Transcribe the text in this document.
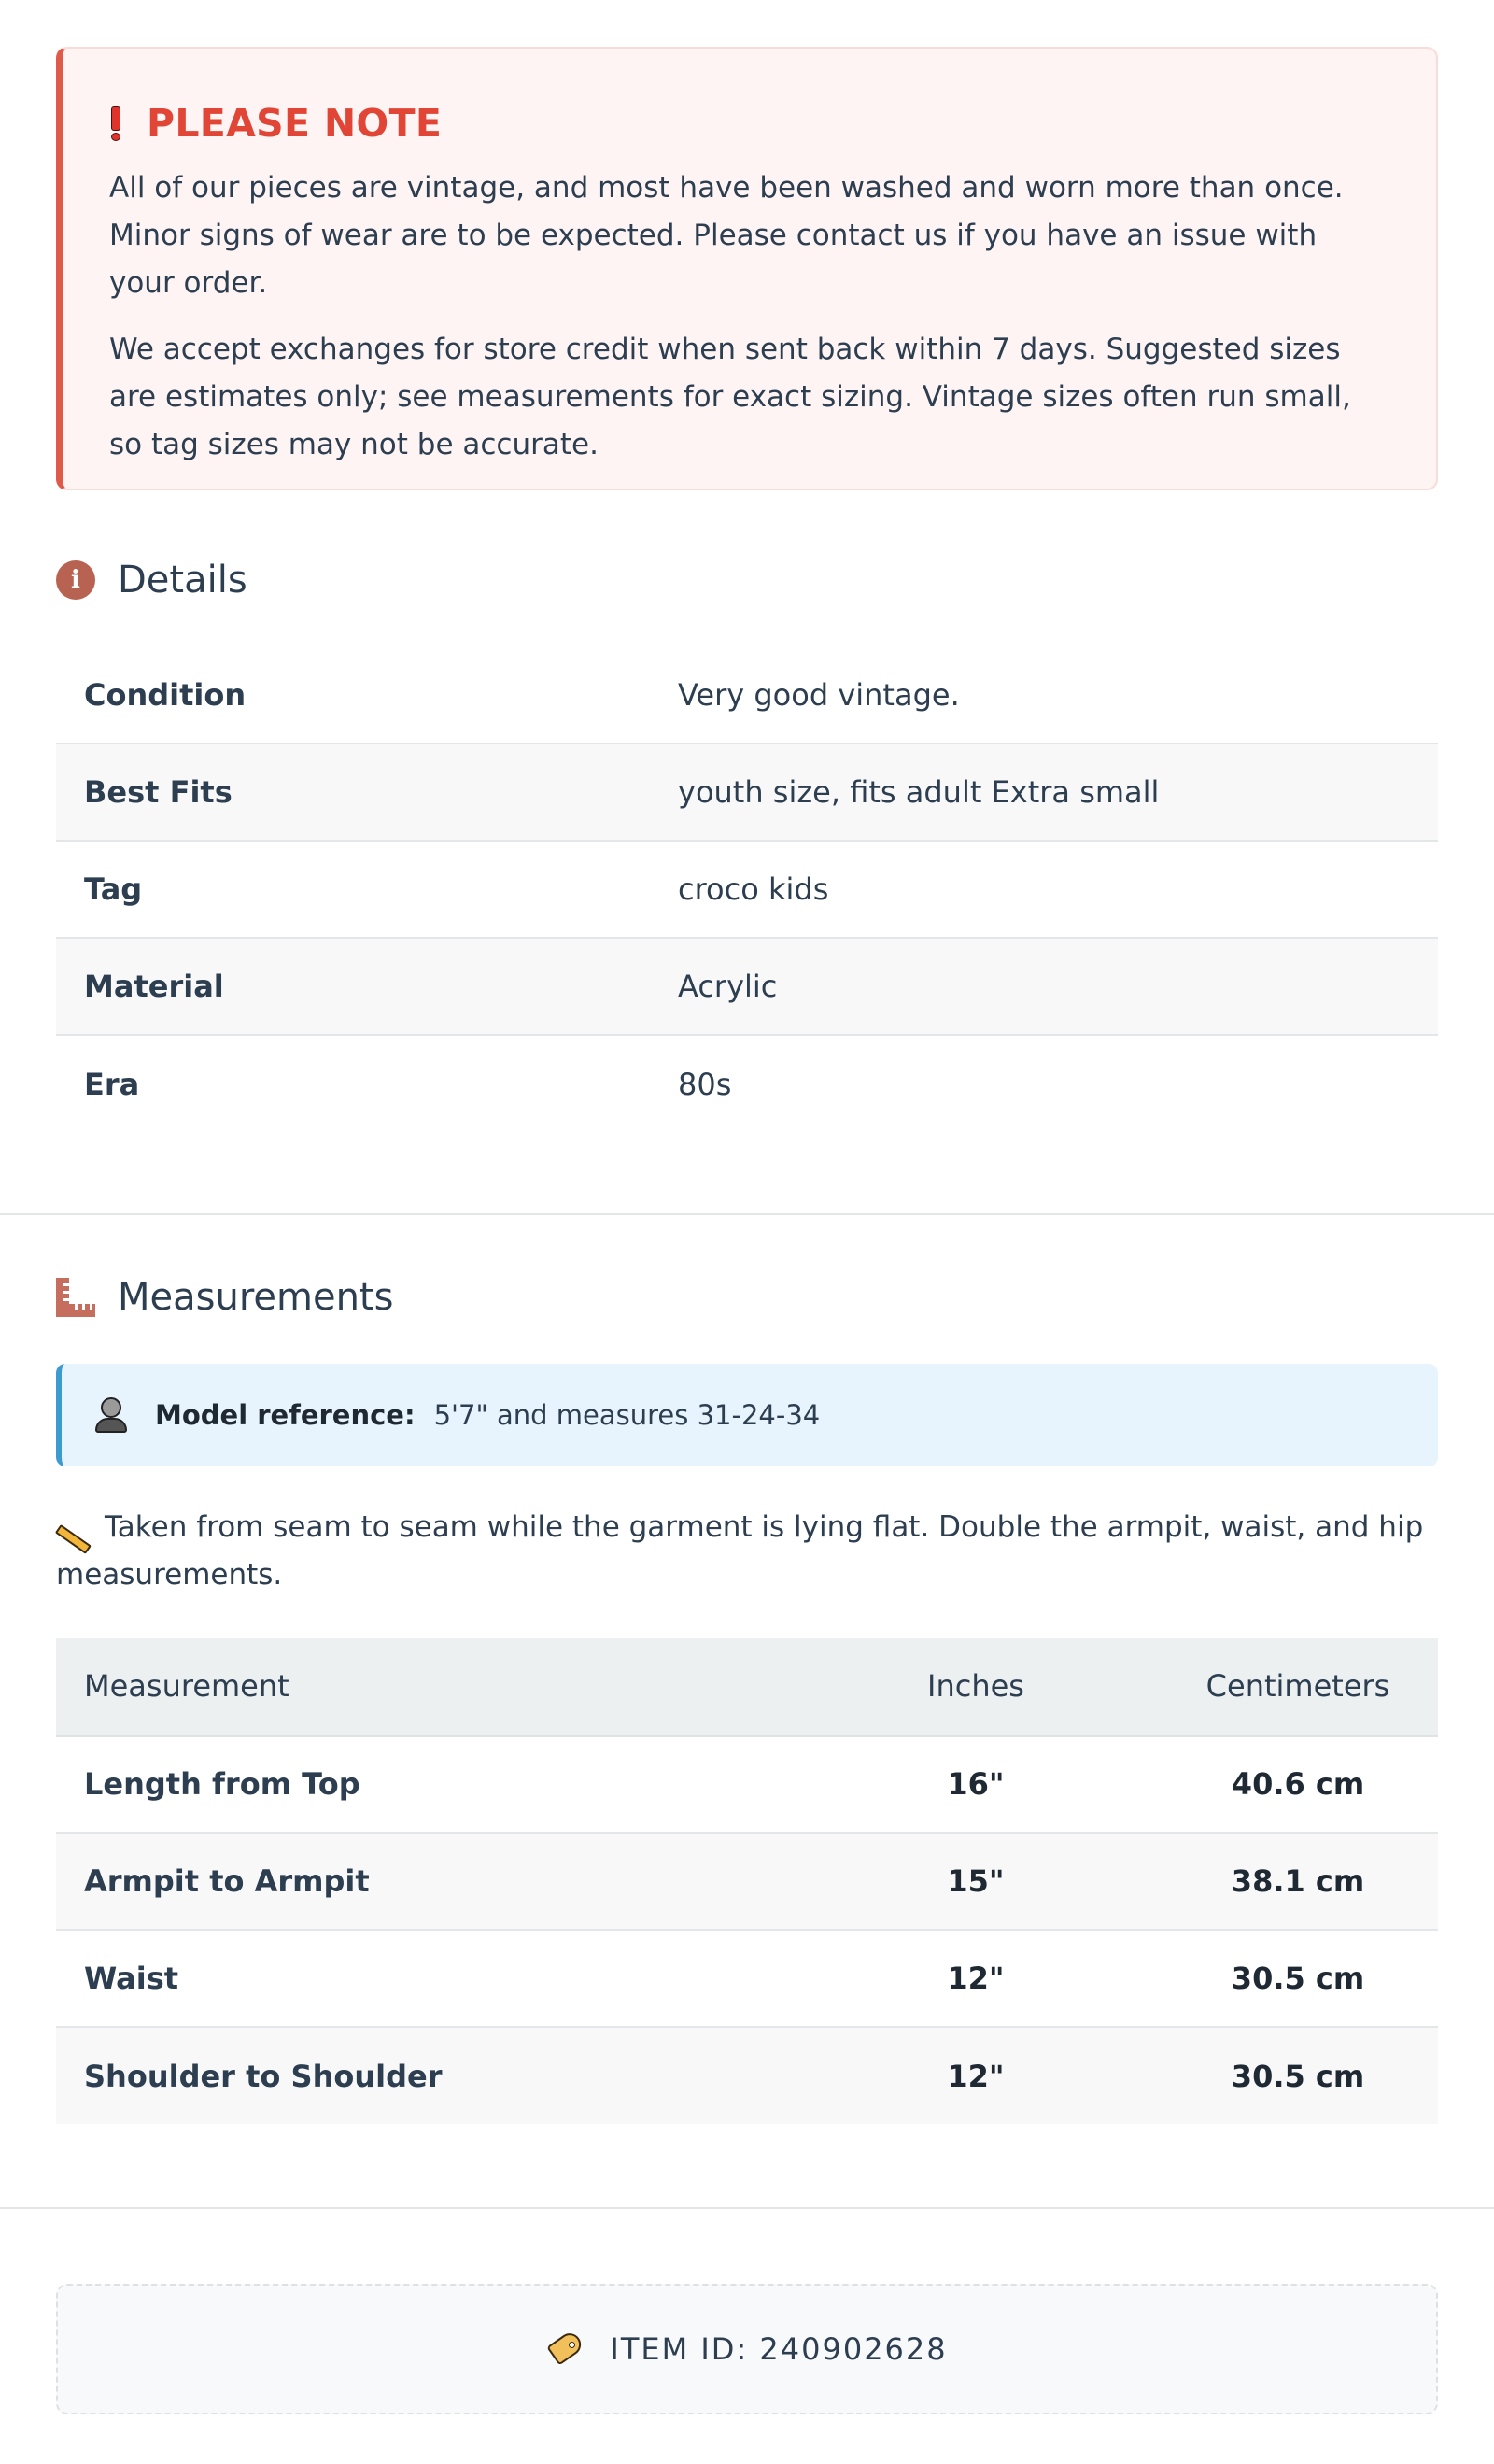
PLEASE NOTE

All of our pieces are vintage, and most have been washed and worn more than once. Minor signs of wear are to be expected. Please contact us if you have an issue with your order.

We accept exchanges for store credit when sent back within 7 days. Suggested sizes are estimates only; see measurements for exact sizing. Vintage sizes often run small, so tag sizes may not be accurate.

i	Details
Condition	Very good vintage.
Best Fits	youth size, fits adult Extra small
Tag	croco kids
Material	Acrylic
Era	80s
Measurements
Model reference: 5'7" and measures 31-24-34
Taken from seam to seam while the garment is lying flat. Double the armpit, waist, and hip measurements.
Measurement	Inches	Centimeters
Length from Top	16"	40.6 cm
Armpit to Armpit	15"	38.1 cm
Waist	12"	30.5 cm
Shoulder to Shoulder	12"	30.5 cm
ITEM ID: 240902628
